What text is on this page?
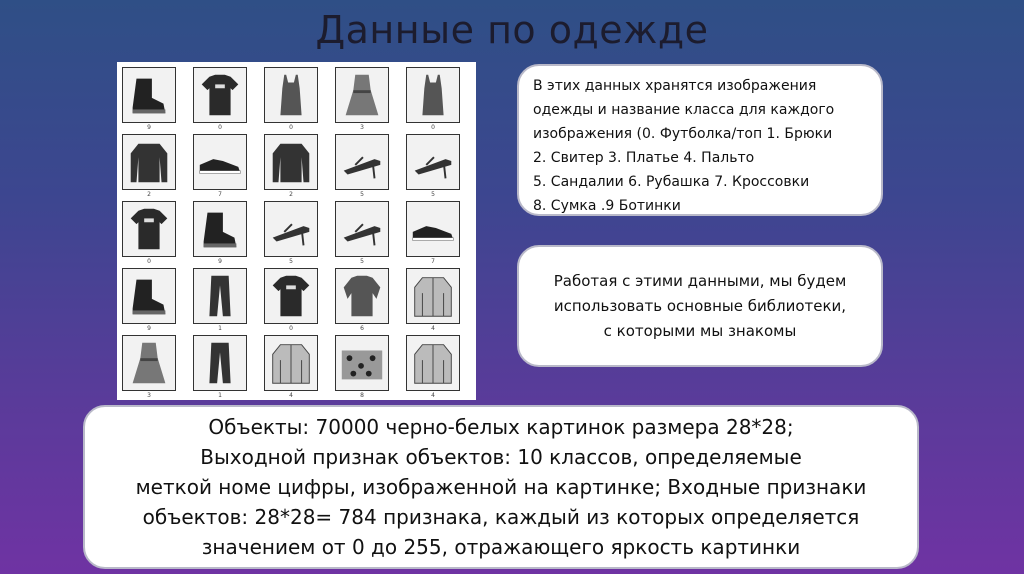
Данные по одежде
9	0	0	3	0
2	7	2	5	5
0	9	5	5	7
9	1	0	6	4
3	1	4	8	4
В этих данных хранятся изображения
одежды и название класса для каждого
изображения (0. Футболка/топ 1. Брюки
2. Свитер 3. Платье 4. Пальто
5. Сандалии 6. Рубашка 7. Кроссовки
8. Сумка .9 Ботинки
Работая с этими данными, мы будем
использовать основные библиотеки,
с которыми мы знакомы
Объекты: 70000 черно-белых картинок размера 28*28;
Выходной признак объектов: 10 классов, определяемые
меткой номе цифры, изображенной на картинке; Входные признаки
объектов: 28*28= 784 признака, каждый из которых определяется
значением от 0 до 255, отражающего яркость картинки
